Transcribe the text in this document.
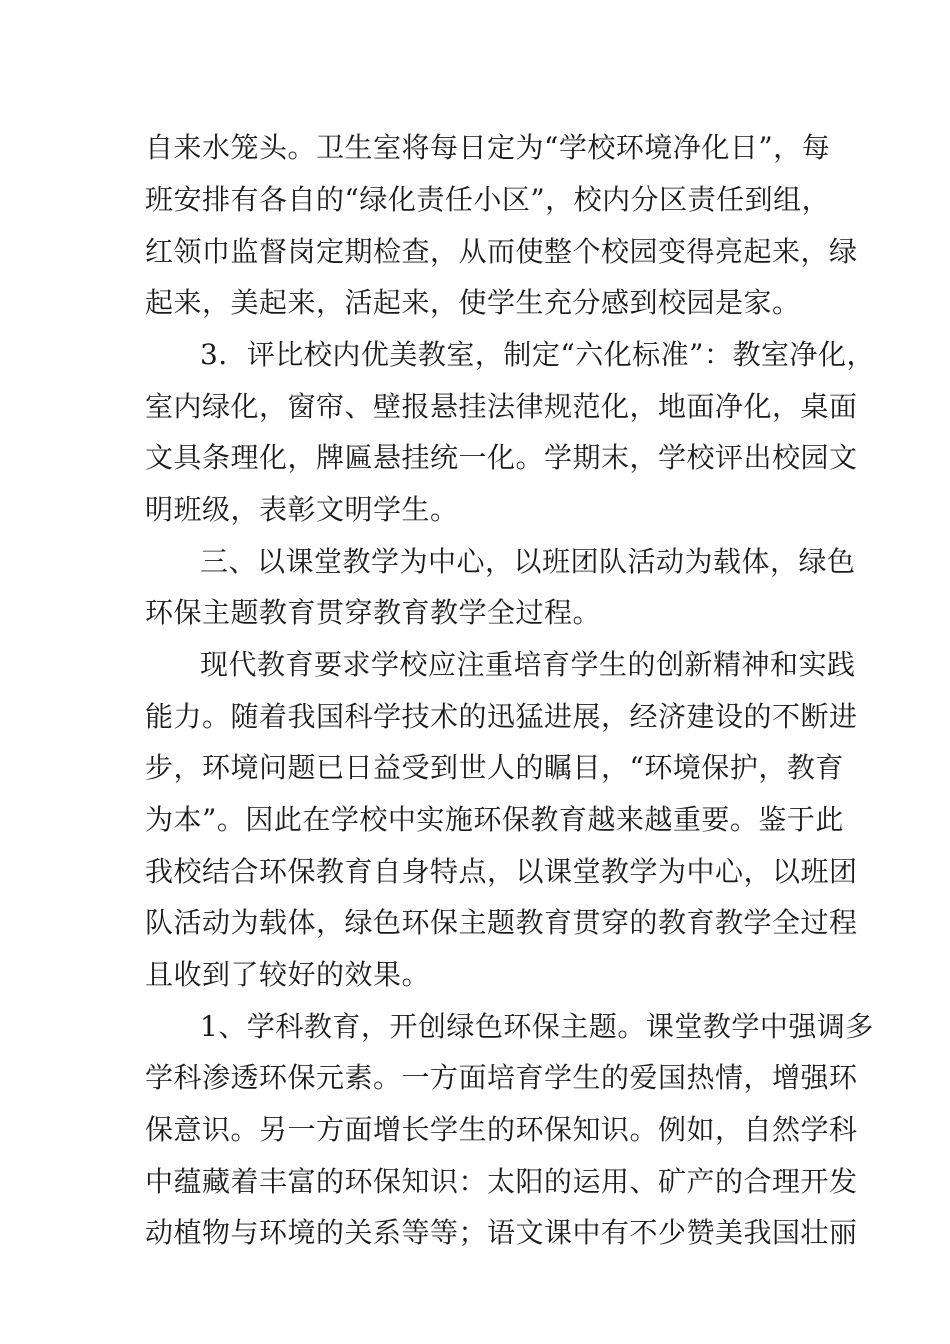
自来水笼头。卫生室将每日定为“学校环境净化日”，每
班安排有各自的“绿化责任小区”，校内分区责任到组，
红领巾监督岗定期检查，从而使整个校园变得亮起来，绿
起来，美起来，活起来，使学生充分感到校园是家。
3．评比校内优美教室，制定“六化标准”：教室净化，
室内绿化，窗帘、壁报悬挂法律规范化，地面净化，桌面
文具条理化，牌匾悬挂统一化。学期末，学校评出校园文
明班级，表彰文明学生。
三、以课堂教学为中心，以班团队活动为载体，绿色
环保主题教育贯穿教育教学全过程。
现代教育要求学校应注重培育学生的创新精神和实践
能力。随着我国科学技术的迅猛进展，经济建设的不断进
步，环境问题已日益受到世人的瞩目，“环境保护，教育
为本”。因此在学校中实施环保教育越来越重要。鉴于此
我校结合环保教育自身特点，以课堂教学为中心，以班团
队活动为载体，绿色环保主题教育贯穿的教育教学全过程
且收到了较好的效果。
1、学科教育，开创绿色环保主题。课堂教学中强调多
学科渗透环保元素。一方面培育学生的爱国热情，增强环
保意识。另一方面增长学生的环保知识。例如，自然学科
中蕴藏着丰富的环保知识：太阳的运用、矿产的合理开发
动植物与环境的关系等等；语文课中有不少赞美我国壮丽
